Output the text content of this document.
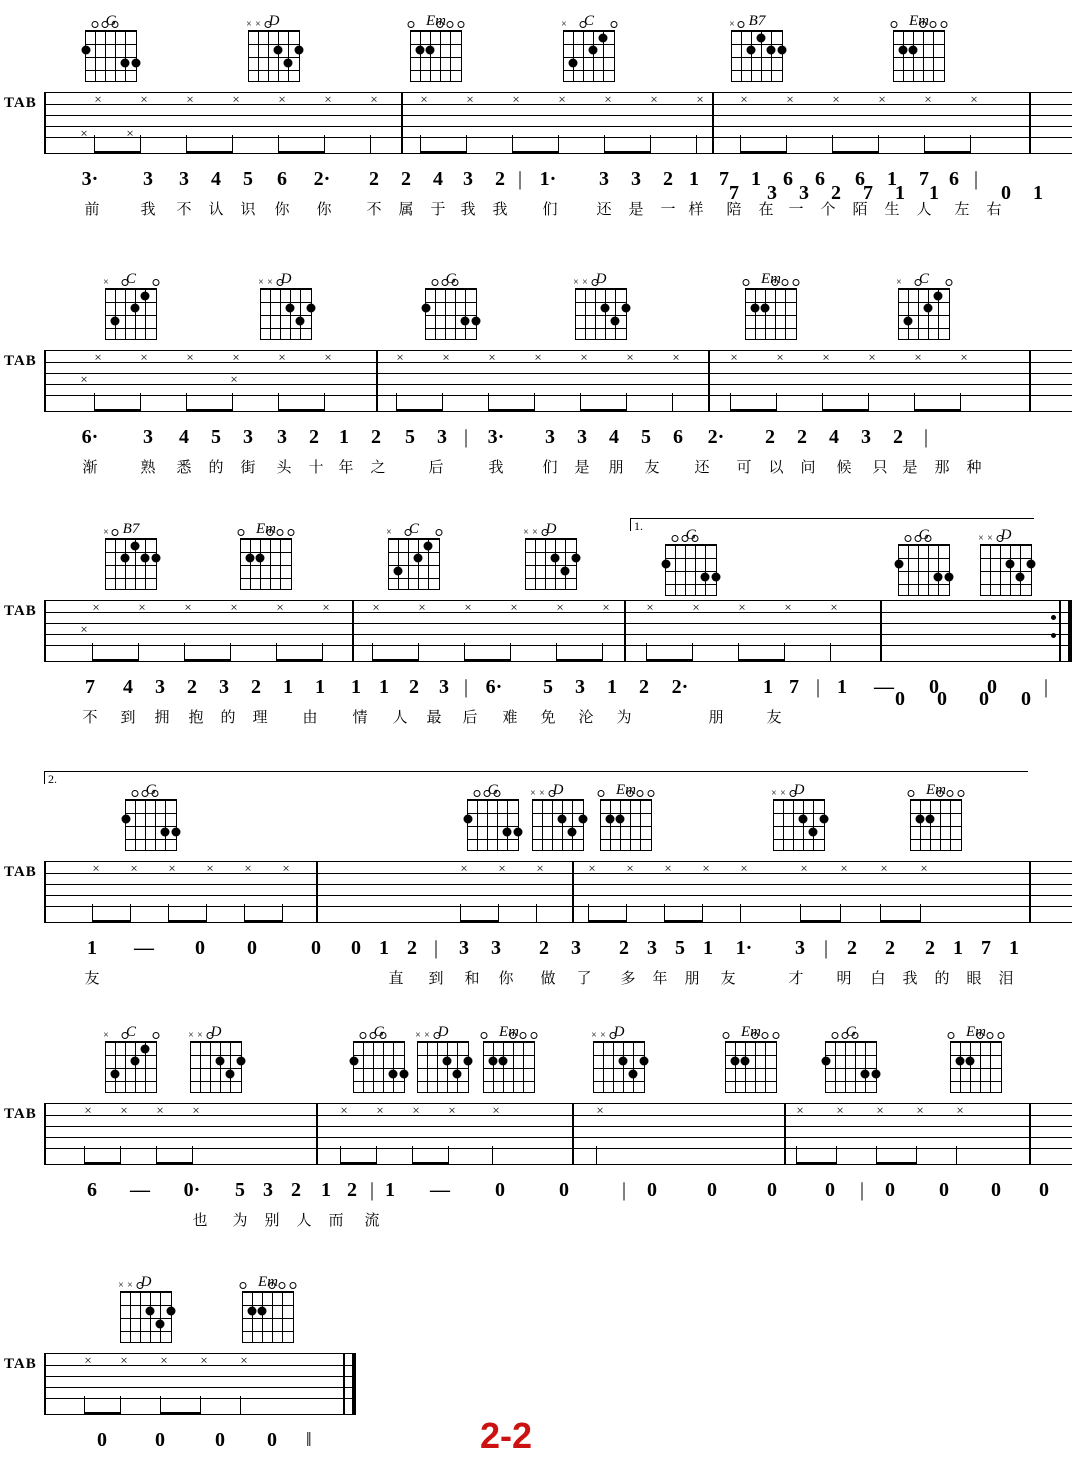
G	D
× ×	Em	C
×	B7
×	Em
TAB	×	×	×	×	×	×	×	×	×	×	×	×	×	×	×	×	×	×	×	×
×	×
3· 3 3 4 5 6 2· 2 2 4 3 2 | 1· 3 3 2 1 7 1 6 6 6 1 7 6 |
前	我 不 认 识 你 你 不 属 于 我 我 们	还 是 一 样 陪 在 一 个 陌 生 人 左 右
7 3 3 2 7 1 1	0 1
C
×	D
× ×	G	D
× ×	Em	C
×
TAB	×	×	×	×	×	×	×	×	×	×	×	×	×	×	×	×	×	×	×
×	×
6· 3 4 5 3 3 2 1 2 5 3 | 3· 3 3 4 5 6 2· 2 2 4 3 2 |
渐	熟 悉 的 街 头 十 年 之	后	我	们 是 朋 友 还 可 以 问 候 只 是 那 种
1.
B7
×	Em	C
×	D
× ×	G	G	D
× ×
TAB	×	×	×	×	×	×	×	×	×	×	×	×	×	×	×	×	×
×
7 4 3 2 3 2 1 1 1 1 2 3 | 6· 5 3 1 2 2·	1 7 | 1 — 0 0 |
不 到 拥 抱 的 理 由 情 人 最 后 难 免 沦 为	朋	友
0 0 0 0
2.
G	G	D
× ×	Em	D
× ×	Em
TAB	× × × × × ×	× × ×	× × × × ×	×	×	×	×
1 — 0 0	0 0 1 2 | 3 3 2 3 2 3 5 1 1· 3 | 2 2 2 1 7 1
友	直 到 和 你 做 了 多 年 朋 友	才 明 白 我 的 眼 泪
C
×	D
× ×	G	D
× ×	Em	D
× ×	Em	G	Em
TAB	× × × ×	× × × ×	×	×	×	×	×	×	×
6 — 0· 5 3 2 1 2 | 1 — 0	0	| 0	0	0 0 | 0 0 0 0
也 为 别 人 而 流
D
× ×	Em
TAB	× ×	×	×	×
0 0	0 0 ‖	2-2
